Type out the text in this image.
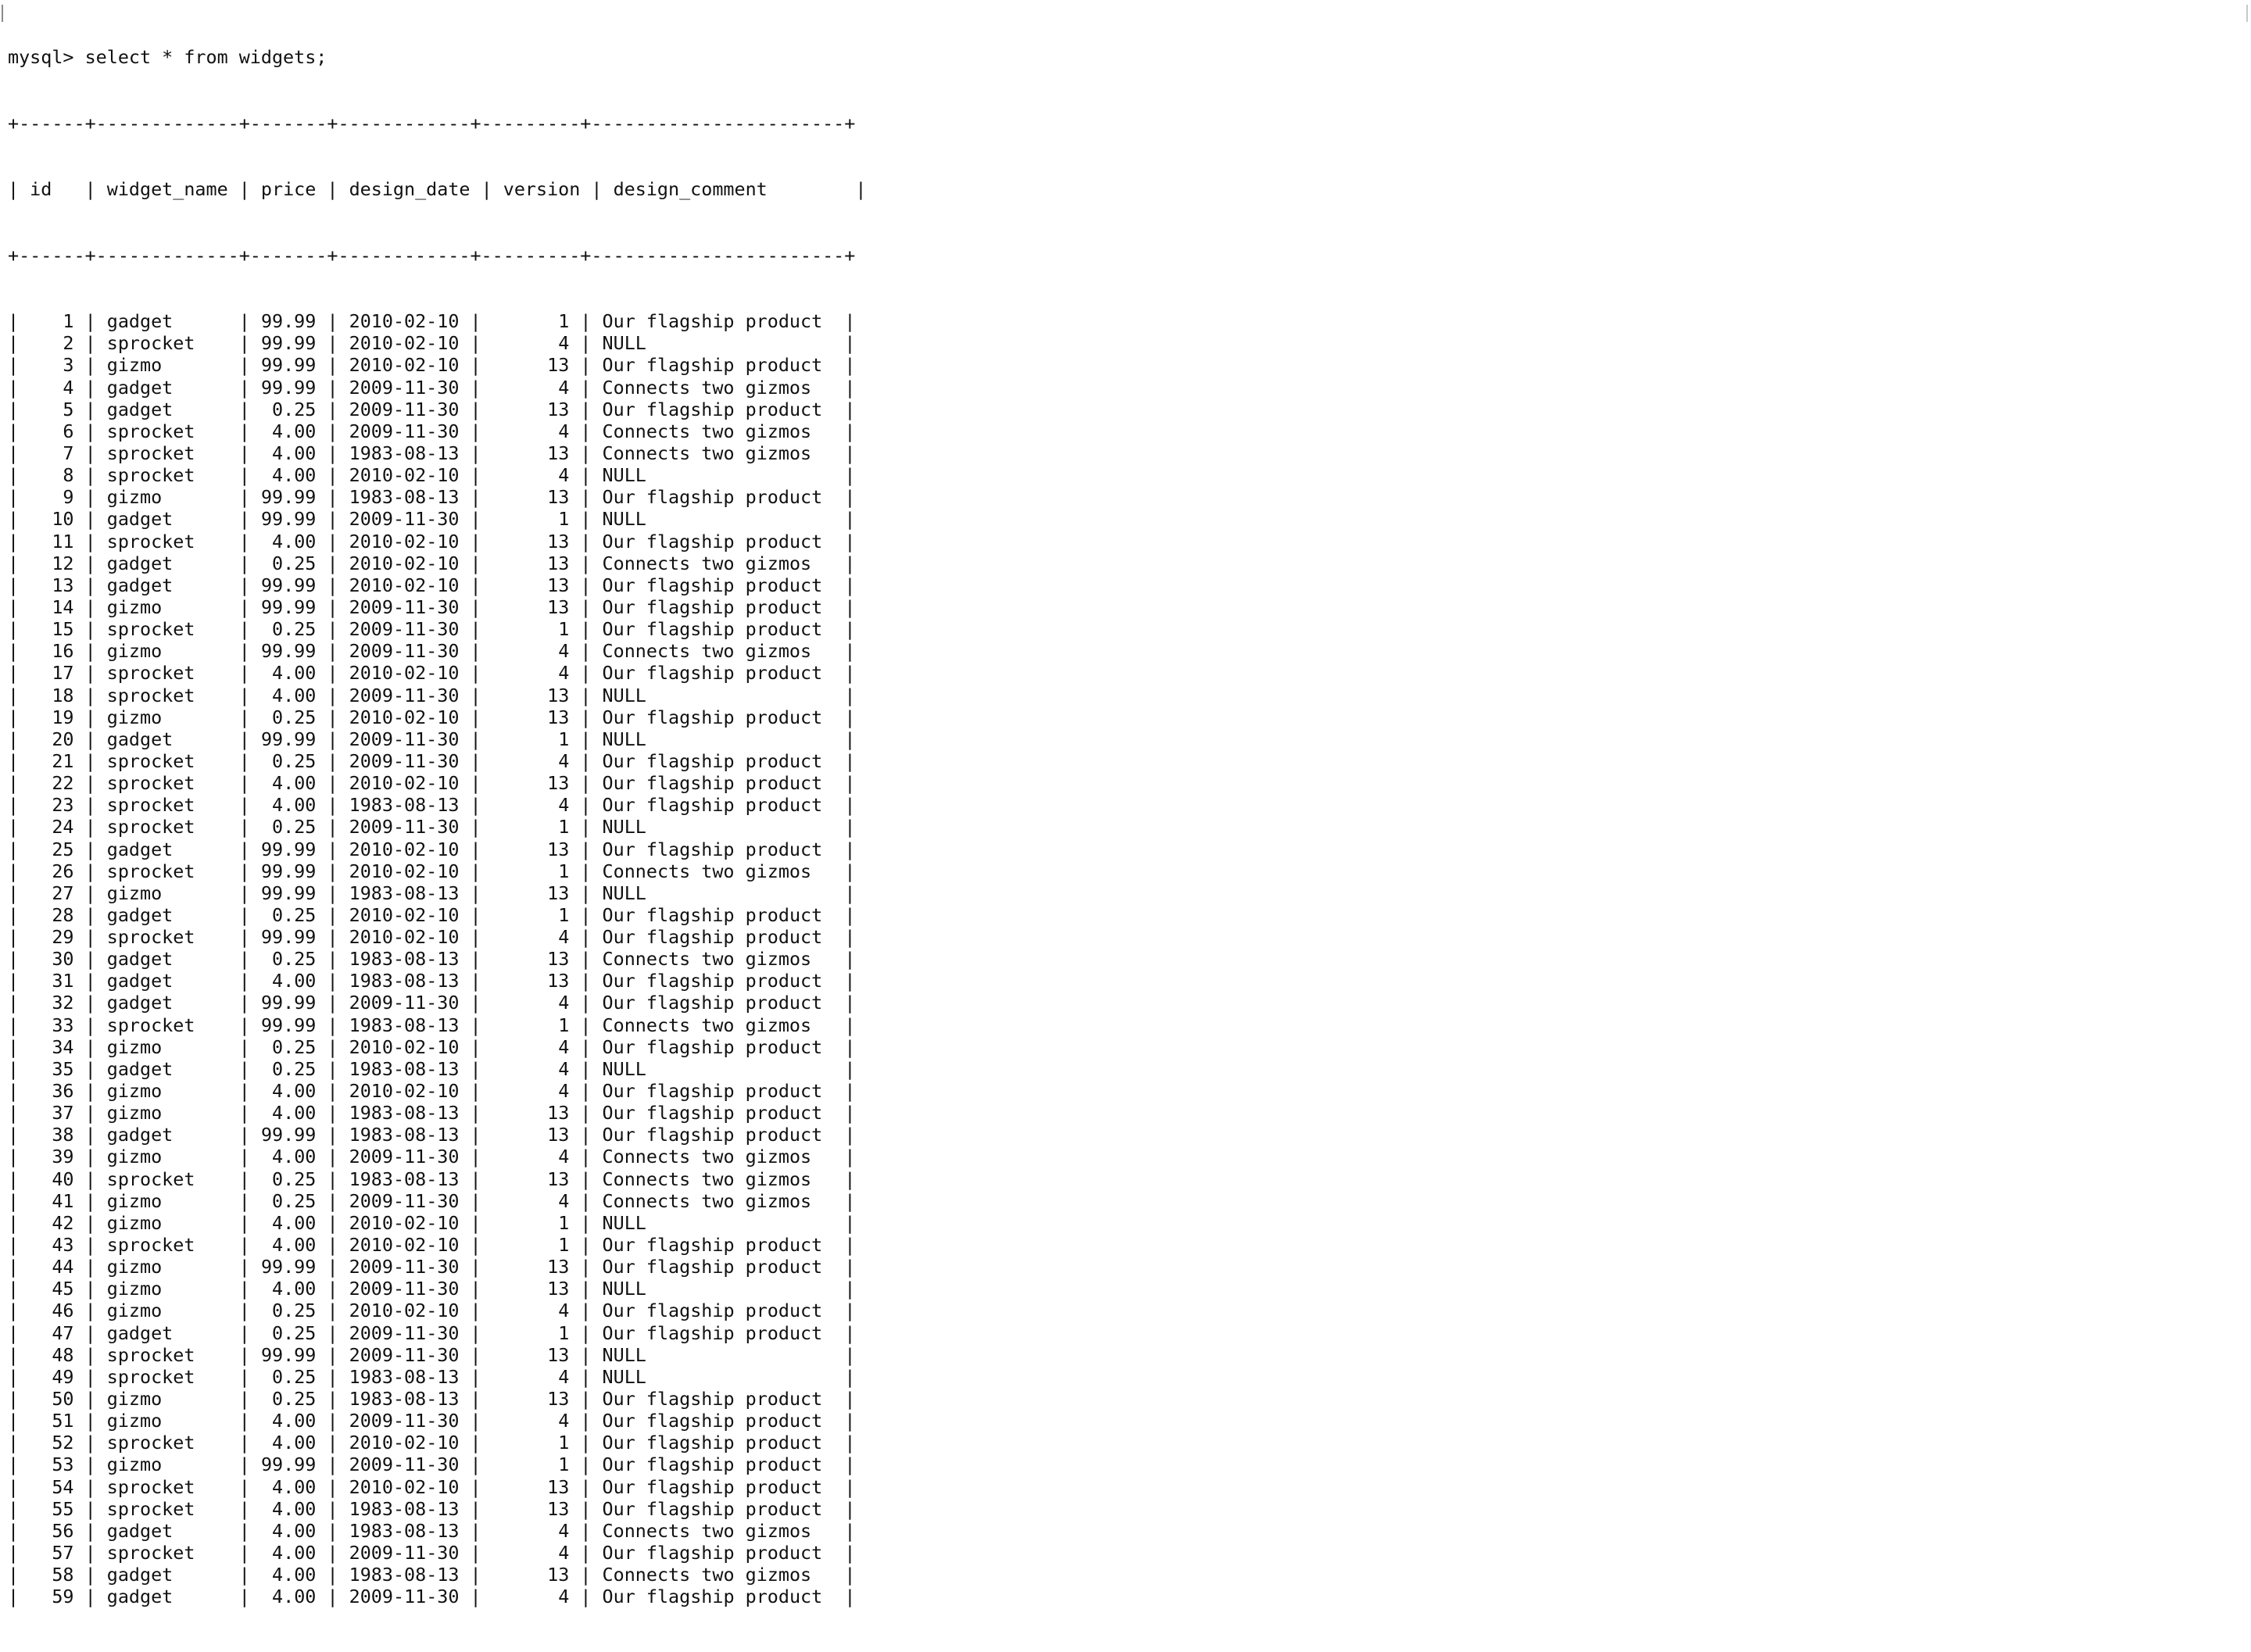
mysql> select * from widgets;

+------+-------------+-------+------------+---------+-----------------------+

| id   | widget_name | price | design_date | version | design_comment	|

+------+-------------+-------+------------+---------+-----------------------+

|    1 | gadget	| 99.99 | 2010-02-10 |	1 | Our flagship product  |
|    2 | sprocket    | 99.99 | 2010-02-10 |	4 | NULL	|
|    3 | gizmo	| 99.99 | 2010-02-10 |	13 | Our flagship product  |
|    4 | gadget	| 99.99 | 2009-11-30 |	4 | Connects two gizmos   |
|    5 | gadget	|  0.25 | 2009-11-30 |	13 | Our flagship product  |
|    6 | sprocket    |  4.00 | 2009-11-30 |	4 | Connects two gizmos   |
|    7 | sprocket    |  4.00 | 1983-08-13 |	13 | Connects two gizmos   |
|    8 | sprocket    |  4.00 | 2010-02-10 |	4 | NULL	|
|    9 | gizmo	| 99.99 | 1983-08-13 |	13 | Our flagship product  |
|   10 | gadget	| 99.99 | 2009-11-30 |	1 | NULL	|
|   11 | sprocket    |  4.00 | 2010-02-10 |	13 | Our flagship product  |
|   12 | gadget	|  0.25 | 2010-02-10 |	13 | Connects two gizmos   |
|   13 | gadget	| 99.99 | 2010-02-10 |	13 | Our flagship product  |
|   14 | gizmo	| 99.99 | 2009-11-30 |	13 | Our flagship product  |
|   15 | sprocket    |  0.25 | 2009-11-30 |	1 | Our flagship product  |
|   16 | gizmo	| 99.99 | 2009-11-30 |	4 | Connects two gizmos   |
|   17 | sprocket    |  4.00 | 2010-02-10 |	4 | Our flagship product  |
|   18 | sprocket    |  4.00 | 2009-11-30 |	13 | NULL	|
|   19 | gizmo	|  0.25 | 2010-02-10 |	13 | Our flagship product  |
|   20 | gadget	| 99.99 | 2009-11-30 |	1 | NULL	|
|   21 | sprocket    |  0.25 | 2009-11-30 |	4 | Our flagship product  |
|   22 | sprocket    |  4.00 | 2010-02-10 |	13 | Our flagship product  |
|   23 | sprocket    |  4.00 | 1983-08-13 |	4 | Our flagship product  |
|   24 | sprocket    |  0.25 | 2009-11-30 |	1 | NULL	|
|   25 | gadget	| 99.99 | 2010-02-10 |	13 | Our flagship product  |
|   26 | sprocket    | 99.99 | 2010-02-10 |	1 | Connects two gizmos   |
|   27 | gizmo	| 99.99 | 1983-08-13 |	13 | NULL	|
|   28 | gadget	|  0.25 | 2010-02-10 |	1 | Our flagship product  |
|   29 | sprocket    | 99.99 | 2010-02-10 |	4 | Our flagship product  |
|   30 | gadget	|  0.25 | 1983-08-13 |	13 | Connects two gizmos   |
|   31 | gadget	|  4.00 | 1983-08-13 |	13 | Our flagship product  |
|   32 | gadget	| 99.99 | 2009-11-30 |	4 | Our flagship product  |
|   33 | sprocket    | 99.99 | 1983-08-13 |	1 | Connects two gizmos   |
|   34 | gizmo	|  0.25 | 2010-02-10 |	4 | Our flagship product  |
|   35 | gadget	|  0.25 | 1983-08-13 |	4 | NULL	|
|   36 | gizmo	|  4.00 | 2010-02-10 |	4 | Our flagship product  |
|   37 | gizmo	|  4.00 | 1983-08-13 |	13 | Our flagship product  |
|   38 | gadget	| 99.99 | 1983-08-13 |	13 | Our flagship product  |
|   39 | gizmo	|  4.00 | 2009-11-30 |	4 | Connects two gizmos   |
|   40 | sprocket    |  0.25 | 1983-08-13 |	13 | Connects two gizmos   |
|   41 | gizmo	|  0.25 | 2009-11-30 |	4 | Connects two gizmos   |
|   42 | gizmo	|  4.00 | 2010-02-10 |	1 | NULL	|
|   43 | sprocket    |  4.00 | 2010-02-10 |	1 | Our flagship product  |
|   44 | gizmo	| 99.99 | 2009-11-30 |	13 | Our flagship product  |
|   45 | gizmo	|  4.00 | 2009-11-30 |	13 | NULL	|
|   46 | gizmo	|  0.25 | 2010-02-10 |	4 | Our flagship product  |
|   47 | gadget	|  0.25 | 2009-11-30 |	1 | Our flagship product  |
|   48 | sprocket    | 99.99 | 2009-11-30 |	13 | NULL	|
|   49 | sprocket    |  0.25 | 1983-08-13 |	4 | NULL	|
|   50 | gizmo	|  0.25 | 1983-08-13 |	13 | Our flagship product  |
|   51 | gizmo	|  4.00 | 2009-11-30 |	4 | Our flagship product  |
|   52 | sprocket    |  4.00 | 2010-02-10 |	1 | Our flagship product  |
|   53 | gizmo	| 99.99 | 2009-11-30 |	1 | Our flagship product  |
|   54 | sprocket    |  4.00 | 2010-02-10 |	13 | Our flagship product  |
|   55 | sprocket    |  4.00 | 1983-08-13 |	13 | Our flagship product  |
|   56 | gadget	|  4.00 | 1983-08-13 |	4 | Connects two gizmos   |
|   57 | sprocket    |  4.00 | 2009-11-30 |	4 | Our flagship product  |
|   58 | gadget	|  4.00 | 1983-08-13 |	13 | Connects two gizmos   |
|   59 | gadget	|  4.00 | 2009-11-30 |	4 | Our flagship product  |
